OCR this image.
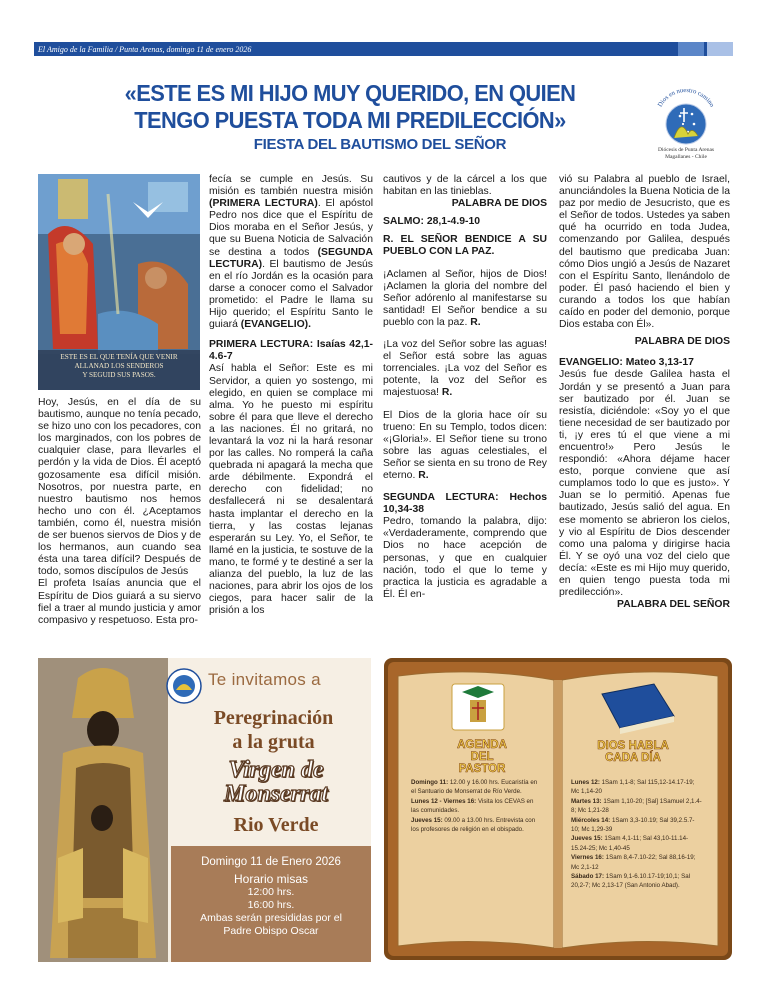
El Amigo de la Familia / Punta Arenas, domingo 11 de enero 2026
«ESTE ES MI HIJO MUY QUERIDO, EN QUIEN
TENGO PUESTA TODA MI PREDILECCIÓN»
FIESTA DEL BAUTISMO DEL SEÑOR
Dios en nuestro camino
Diócesis de Punta Arenas
Magallanes - Chile
ESTE ES EL QUE TENÍA QUE VENIR
ALLANAD LOS SENDEROS
Y SEGUID SUS PASOS.

Hoy, Jesús, en el día de su bautismo, aunque no tenía pecado, se hizo uno con los pecadores, con los marginados, con los pobres de cualquier clase, para llevarles el perdón y la vida de Dios. Él aceptó gozosamente esa difícil misión. Nosotros, por nuestra parte, en nuestro bautismo nos hemos hecho uno con él. ¿Aceptamos también, como él, nuestra misión de ser buenos siervos de Dios y de los hermanos, aun cuando sea ésta una tarea difícil? Después de todo, somos discípulos de Jesús

El profeta Isaías anuncia que el Espíritu de Dios guiará a su siervo fiel a traer al mundo justicia y amor compasivo y respetuoso. Esta pro-

fecía se cumple en Jesús. Su misión es también nuestra misión (PRIMERA LECTURA). El apóstol Pedro nos dice que el Espíritu de Dios moraba en el Señor Jesús, y que su Buena Noticia de Salvación se destina a todos (SEGUNDA LECTURA). El bautismo de Jesús en el río Jordán es la ocasión para darse a conocer como el Salvador prometido: el Padre le llama su Hijo querido; el Espíritu Santo le guiará (EVANGELIO).

PRIMERA LECTURA: Isaías 42,1-4.6-7

Así habla el Señor: Este es mi Servidor, a quien yo sostengo, mi elegido, en quien se complace mi alma. Yo he puesto mi espíritu sobre él para que lleve el derecho a las naciones. Él no gritará, no levantará la voz ni la hará resonar por las calles. No romperá la caña quebrada ni apagará la mecha que arde débilmente. Expondrá el derecho con fidelidad; no desfallecerá ni se desalentará hasta implantar el derecho en la tierra, y las costas lejanas esperarán su Ley. Yo, el Señor, te llamé en la justicia, te sostuve de la mano, te formé y te destiné a ser la alianza del pueblo, la luz de las naciones, para abrir los ojos de los ciegos, para hacer salir de la prisión a los

cautivos y de la cárcel a los que habitan en las tinieblas.

PALABRA DE DIOS

SALMO: 28,1-4.9-10

R. EL SEÑOR BENDICE A SU PUEBLO CON LA PAZ.

¡Aclamen al Señor, hijos de Dios! ¡Aclamen la gloria del nombre del Señor adórenlo al manifestarse su santidad! El Señor bendice a su pueblo con la paz. R.

¡La voz del Señor sobre las aguas! el Señor está sobre las aguas torrenciales. ¡La voz del Señor es potente, la voz del Señor es majestuosa! R.

El Dios de la gloria hace oír su trueno: En su Templo, todos dicen: «¡Gloria!». El Señor tiene su trono sobre las aguas celestiales, el Señor se sienta en su trono de Rey eterno. R.

SEGUNDA LECTURA: Hechos 10,34-38

Pedro, tomando la palabra, dijo: «Verdaderamente, comprendo que Dios no hace acepción de personas, y que en cualquier nación, todo el que lo teme y practica la justicia es agradable a Él. Él en-

vió su Palabra al pueblo de Israel, anunciándoles la Buena Noticia de la paz por medio de Jesucristo, que es el Señor de todos. Ustedes ya saben qué ha ocurrido en toda Judea, comenzando por Galilea, después del bautismo que predicaba Juan: cómo Dios ungió a Jesús de Nazaret con el Espíritu Santo, llenándolo de poder. Él pasó haciendo el bien y curando a todos los que habían caído en poder del demonio, porque Dios estaba con Él».

PALABRA DE DIOS

EVANGELIO: Mateo 3,13-17

Jesús fue desde Galilea hasta el Jordán y se presentó a Juan para ser bautizado por él. Juan se resistía, diciéndole: «Soy yo el que tiene necesidad de ser bautizado por ti, ¡y eres tú el que viene a mi encuentro!» Pero Jesús le respondió: «Ahora déjame hacer esto, porque conviene que así cumplamos todo lo que es justo». Y Juan se lo permitió. Apenas fue bautizado, Jesús salió del agua. En ese momento se abrieron los cielos, y vio al Espíritu de Dios descender como una paloma y dirigirse hacia Él. Y se oyó una voz del cielo que decía: «Este es mi Hijo muy querido, en quien tengo puesta toda mi predilección».

PALABRA DEL SEÑOR

Te invitamos a
Peregrinación
a la gruta
Virgen de
Monserrat
Rio Verde
Domingo 11 de Enero 2026
Horario misas
12:00 hrs.
16:00 hrs.
Ambas serán presididas por el
Padre Obispo Oscar
AGENDA
DEL PASTOR
DIOS HABLA
CADA DÍA

Domingo 11: 12.00 y 16.00 hrs. Eucaristía en el Santuario de Monserrat de Río Verde.

Lunes 12 - Viernes 16: Visita los CEVAS en las comunidades.

Jueves 15: 09.00 a 13.00 hrs. Entrevista con los profesores de religión en el obispado.

Lunes 12: 1Sam 1,1-8; Sal 115,12-14.17-19; Mc 1,14-20

Martes 13: 1Sam 1,10-20; [Sal] 1Samuel 2,1.4-8; Mc 1,21-28

Miércoles 14: 1Sam 3,3-10.19; Sal 39,2.5.7-10; Mc 1,29-39

Jueves 15: 1Sam 4,1-11; Sal 43,10-11.14-15.24-25; Mc 1,40-45

Viernes 16: 1Sam 8,4-7.10-22; Sal 88,16-19; Mc 2,1-12

Sábado 17: 1Sam 9,1-6.10.17-19;10,1; Sal 20,2-7; Mc 2,13-17 (San Antonio Abad).
